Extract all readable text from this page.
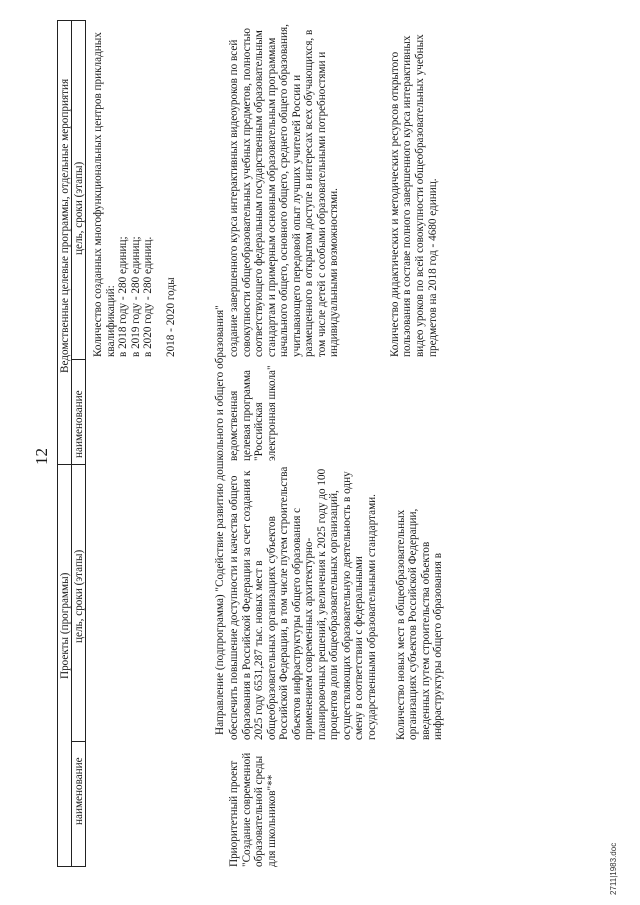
12
Проекты (программы)
Ведомственные целевые программы, отдельные мероприятия
наименование
цель, сроки (этапы)
наименование
цель, сроки (этапы)

Количество созданных многофункциональных центров прикладных квалификаций:
в 2018 году - 280 единиц;
в 2019 году - 280 единиц;
в 2020 году - 280 единиц.

2018 - 2020 годы	Направление (подпрограмма) "Содействие развитию дошкольного и общего образования"
Приоритетный проект "Создание современной образовательной среды для школьников"**

обеспечить повышение доступности и качества общего образования в Российской Федерации за счет создания к 2025 году 6531,287 тыс. новых мест в общеобразовательных организациях субъектов Российской Федерации, в том числе путем строительства объектов инфраструктуры общего образования с применением современных архитектурно-планировочных решений, увеличения к 2025 году до 100 процентов доли общеобразовательных организаций, осуществляющих образовательную деятельность в одну смену в соответствии с федеральными государственными образовательными стандартами. Количество новых мест в общеобразовательных организациях субъектов Российской Федерации, введенных путем строительства объектов инфраструктуры общего образования в

ведомственная целевая программа "Российская электронная школа"

создание завершенного курса интерактивных видеоуроков по всей совокупности общеобразовательных учебных предметов, полностью соответствующего федеральным государственным образовательным стандартам и примерным основным образовательным программам начального общего, основного общего, среднего общего образования, учитывающего передовой опыт лучших учителей России и размещенного в открытом доступе в интересах всех обучающихся, в том числе детей с особыми образовательными потребностями и индивидуальными возможностями.	Количество дидактических и методических ресурсов открытого пользования в составе полного завершенного курса интерактивных видео уроков по всей совокупности общеобразовательных учебных предметов на 2018 год - 4680 единиц.

2711|1983.doc
